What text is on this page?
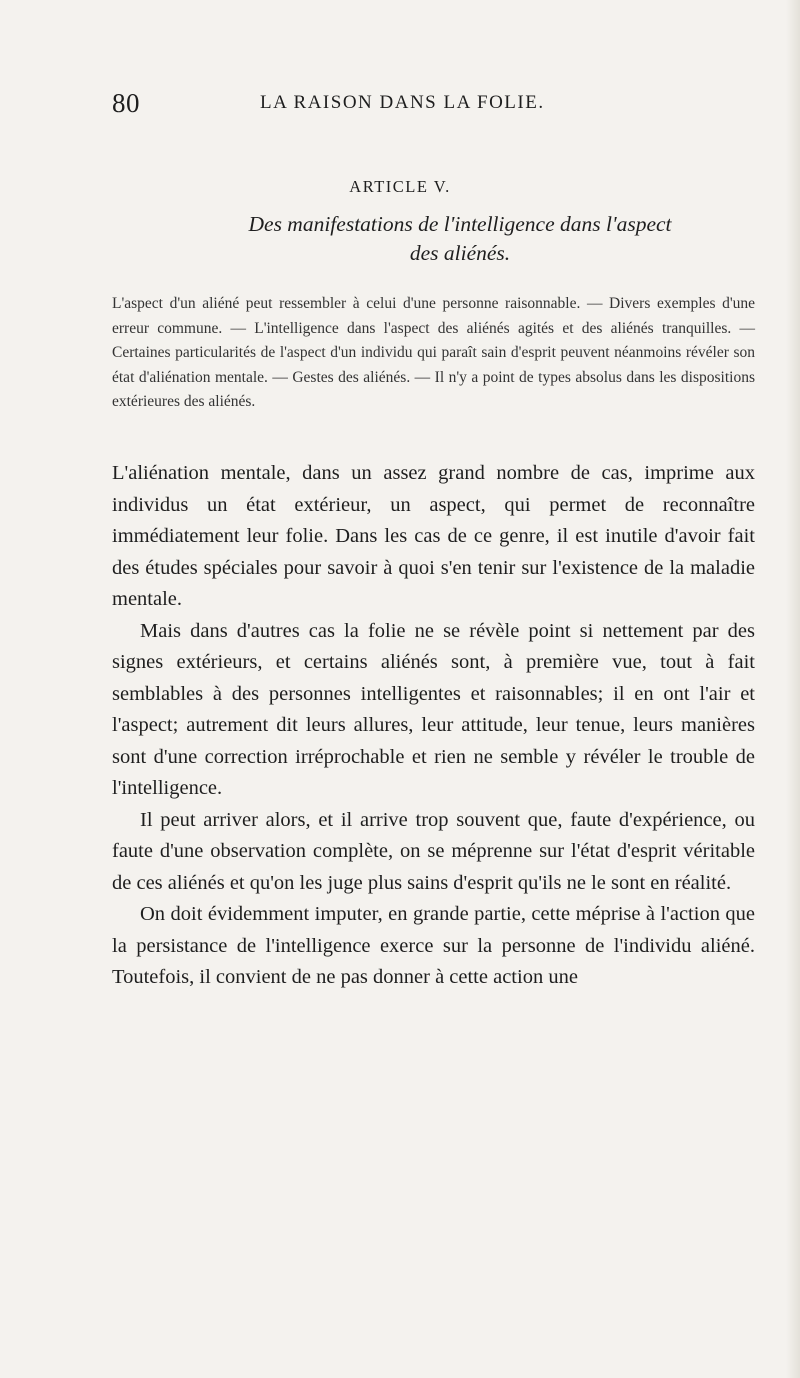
80	LA RAISON DANS LA FOLIE.
ARTICLE V.
Des manifestations de l'intelligence dans l'aspect
des aliénés.

L'aspect d'un aliéné peut ressembler à celui d'une personne raisonnable. — Divers exemples d'une erreur commune. — L'intelligence dans l'aspect des aliénés agités et des aliénés tranquilles. — Certaines particularités de l'aspect d'un individu qui paraît sain d'esprit peuvent néanmoins révéler son état d'aliénation mentale. — Gestes des aliénés. — Il n'y a point de types absolus dans les dispositions extérieures des aliénés.

L'aliénation mentale, dans un assez grand nombre de cas, imprime aux individus un état extérieur, un aspect, qui permet de reconnaître immédiatement leur folie. Dans les cas de ce genre, il est inutile d'avoir fait des études spéciales pour savoir à quoi s'en tenir sur l'existence de la maladie mentale.

Mais dans d'autres cas la folie ne se révèle point si nettement par des signes extérieurs, et certains aliénés sont, à première vue, tout à fait semblables à des personnes intelligentes et raisonnables; il en ont l'air et l'aspect; autrement dit leurs allures, leur attitude, leur tenue, leurs manières sont d'une correction irréprochable et rien ne semble y révéler le trouble de l'intelligence.

Il peut arriver alors, et il arrive trop souvent que, faute d'expérience, ou faute d'une observation complète, on se méprenne sur l'état d'esprit véritable de ces aliénés et qu'on les juge plus sains d'esprit qu'ils ne le sont en réalité.

On doit évidemment imputer, en grande partie, cette méprise à l'action que la persistance de l'intelligence exerce sur la personne de l'individu aliéné. Toutefois, il convient de ne pas donner à cette action une
